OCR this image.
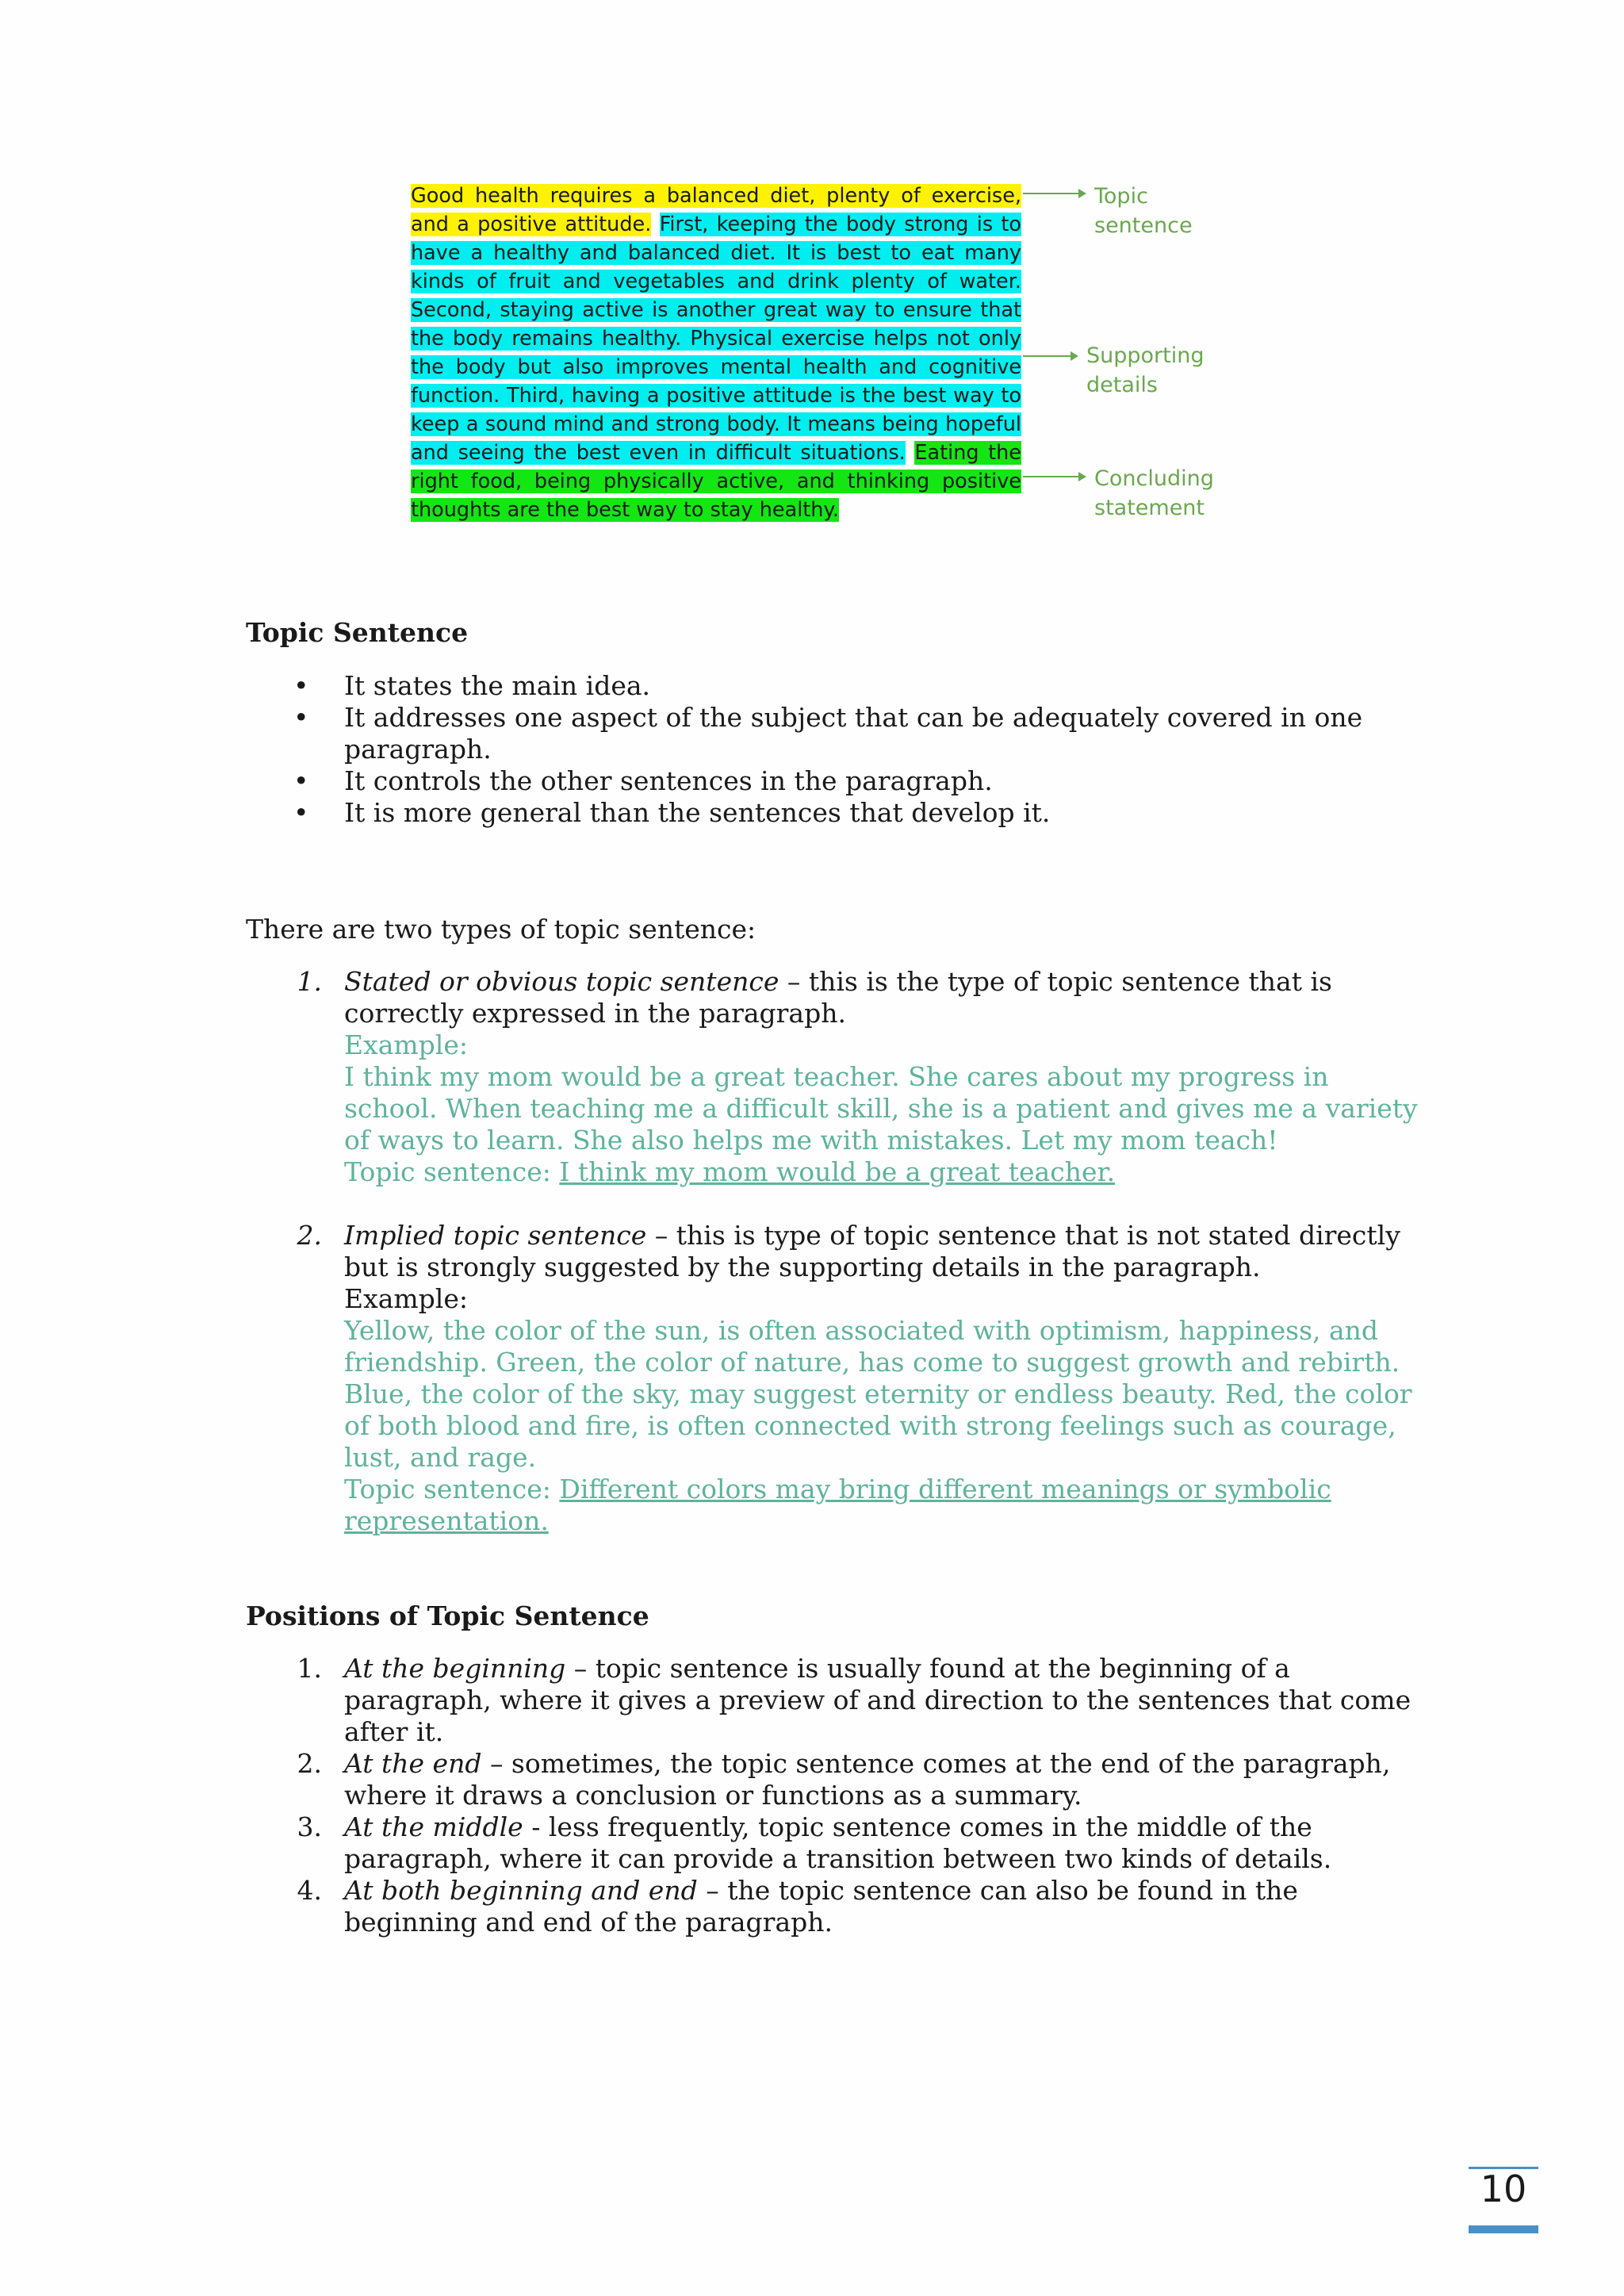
Good health requires a balanced diet, plenty of exercise, and a positive attitude. First, keeping the body strong is to have a healthy and balanced diet. It is best to eat many kinds of fruit and vegetables and drink plenty of water. Second, staying active is another great way to ensure that the body remains healthy. Physical exercise helps not only the body but also improves mental health and cognitive function. Third, having a positive attitude is the best way to keep a sound mind and strong body. It means being hopeful and seeing the best even in difficult situations. Eating the right food, being physically active, and thinking positive thoughts are the best way to stay healthy.
Topic
sentence
Supporting
details
Concluding
statement
Topic Sentence
•	It states the main idea.
•	It addresses one aspect of the subject that can be adequately covered in one paragraph.
•	It controls the other sentences in the paragraph.
•	It is more general than the sentences that develop it.
There are two types of topic sentence:
1. Stated or obvious topic sentence – this is the type of topic sentence that is correctly expressed in the paragraph.
Example:
I think my mom would be a great teacher. She cares about my progress in school. When teaching me a difficult skill, she is a patient and gives me a variety of ways to learn. She also helps me with mistakes. Let my mom teach!
Topic sentence: I think my mom would be a great teacher.
2. Implied topic sentence – this is type of topic sentence that is not stated directly but is strongly suggested by the supporting details in the paragraph.
Example:
Yellow, the color of the sun, is often associated with optimism, happiness, and friendship. Green, the color of nature, has come to suggest growth and rebirth. Blue, the color of the sky, may suggest eternity or endless beauty. Red, the color of both blood and fire, is often connected with strong feelings such as courage, lust, and rage.
Topic sentence: Different colors may bring different meanings or symbolic representation.
Positions of Topic Sentence
1. At the beginning – topic sentence is usually found at the beginning of a paragraph, where it gives a preview of and direction to the sentences that come after it.
2. At the end – sometimes, the topic sentence comes at the end of the paragraph, where it draws a conclusion or functions as a summary.
3. At the middle - less frequently, topic sentence comes in the middle of the paragraph, where it can provide a transition between two kinds of details.
4. At both beginning and end – the topic sentence can also be found in the beginning and end of the paragraph.
10
